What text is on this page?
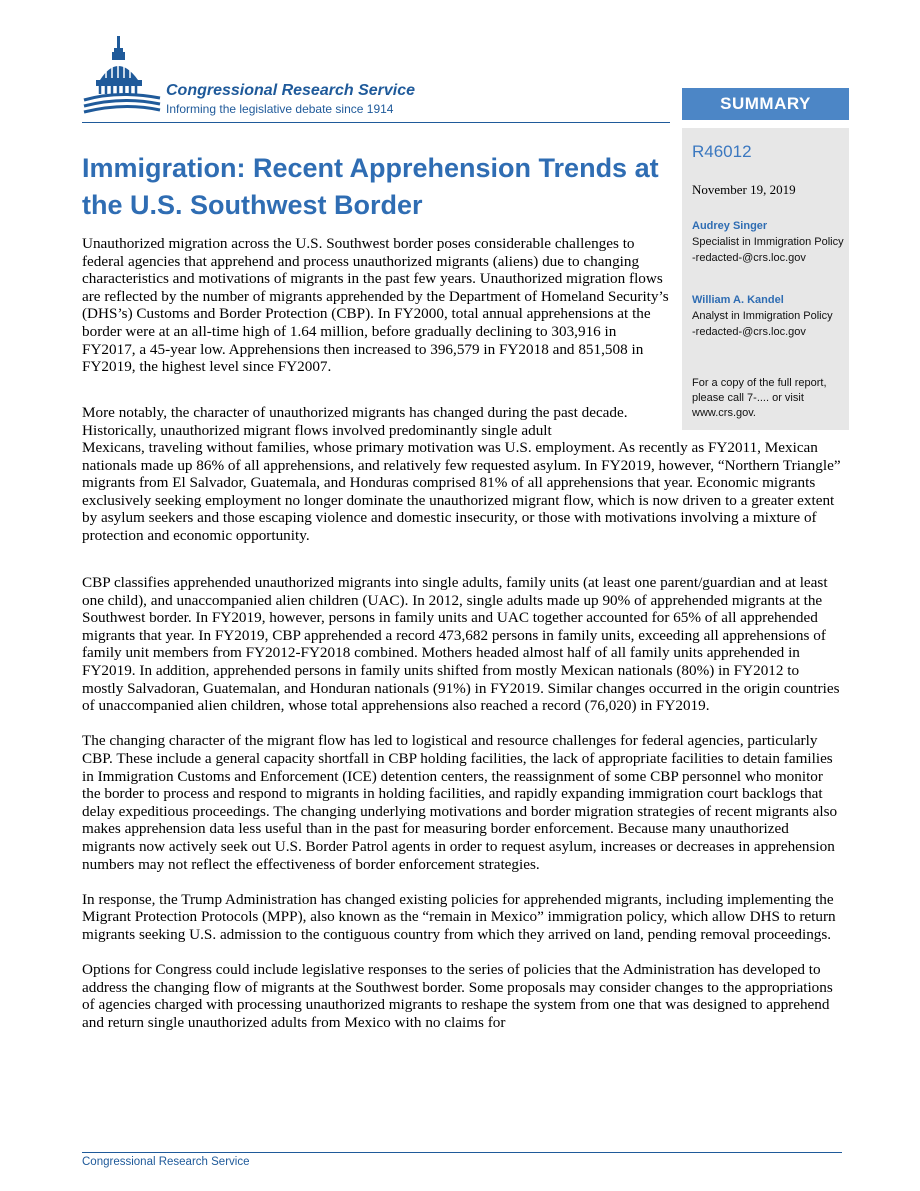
Congressional Research Service
Informing the legislative debate since 1914	SUMMARY
R46012
November 19, 2019
Audrey Singer
Specialist in Immigration Policy
-redacted-@crs.loc.gov
William A. Kandel
Analyst in Immigration Policy
-redacted-@crs.loc.gov
For a copy of the full report, please call 7-.... or visit www.crs.gov.
Immigration: Recent Apprehension Trends at the U.S. Southwest Border

Unauthorized migration across the U.S. Southwest border poses considerable challenges to federal agencies that apprehend and process unauthorized migrants (aliens) due to changing characteristics and motivations of migrants in the past few years. Unauthorized migration flows are reflected by the number of migrants apprehended by the Department of Homeland Security’s (DHS’s) Customs and Border Protection (CBP). In FY2000, total annual apprehensions at the border were at an all-time high of 1.64 million, before gradually declining to 303,916 in FY2017, a 45-year low. Apprehensions then increased to 396,579 in FY2018 and 851,508 in FY2019, the highest level since FY2007.

More notably, the character of unauthorized migrants has changed during the past decade. Historically, unauthorized migrant flows involved predominantly single adult

Mexicans, traveling without families, whose primary motivation was U.S. employment. As recently as FY2011, Mexican nationals made up 86% of all apprehensions, and relatively few requested asylum. In FY2019, however, “Northern Triangle” migrants from El Salvador, Guatemala, and Honduras comprised 81% of all apprehensions that year. Economic migrants exclusively seeking employment no longer dominate the unauthorized migrant flow, which is now driven to a greater extent by asylum seekers and those escaping violence and domestic insecurity, or those with motivations involving a mixture of protection and economic opportunity.

CBP classifies apprehended unauthorized migrants into single adults, family units (at least one parent/guardian and at least one child), and unaccompanied alien children (UAC). In 2012, single adults made up 90% of apprehended migrants at the Southwest border. In FY2019, however, persons in family units and UAC together accounted for 65% of all apprehended migrants that year. In FY2019, CBP apprehended a record 473,682 persons in family units, exceeding all apprehensions of family unit members from FY2012-FY2018 combined. Mothers headed almost half of all family units apprehended in FY2019. In addition, apprehended persons in family units shifted from mostly Mexican nationals (80%) in FY2012 to mostly Salvadoran, Guatemalan, and Honduran nationals (91%) in FY2019. Similar changes occurred in the origin countries of unaccompanied alien children, whose total apprehensions also reached a record (76,020) in FY2019.

The changing character of the migrant flow has led to logistical and resource challenges for federal agencies, particularly CBP. These include a general capacity shortfall in CBP holding facilities, the lack of appropriate facilities to detain families in Immigration Customs and Enforcement (ICE) detention centers, the reassignment of some CBP personnel who monitor the border to process and respond to migrants in holding facilities, and rapidly expanding immigration court backlogs that delay expeditious proceedings. The changing underlying motivations and border migration strategies of recent migrants also makes apprehension data less useful than in the past for measuring border enforcement. Because many unauthorized migrants now actively seek out U.S. Border Patrol agents in order to request asylum, increases or decreases in apprehension numbers may not reflect the effectiveness of border enforcement strategies.

In response, the Trump Administration has changed existing policies for apprehended migrants, including implementing the Migrant Protection Protocols (MPP), also known as the “remain in Mexico” immigration policy, which allow DHS to return migrants seeking U.S. admission to the contiguous country from which they arrived on land, pending removal proceedings.

Options for Congress could include legislative responses to the series of policies that the Administration has developed to address the changing flow of migrants at the Southwest border. Some proposals may consider changes to the appropriations of agencies charged with processing unauthorized migrants to reshape the system from one that was designed to apprehend and return single unauthorized adults from Mexico with no claims for

Congressional Research Service
